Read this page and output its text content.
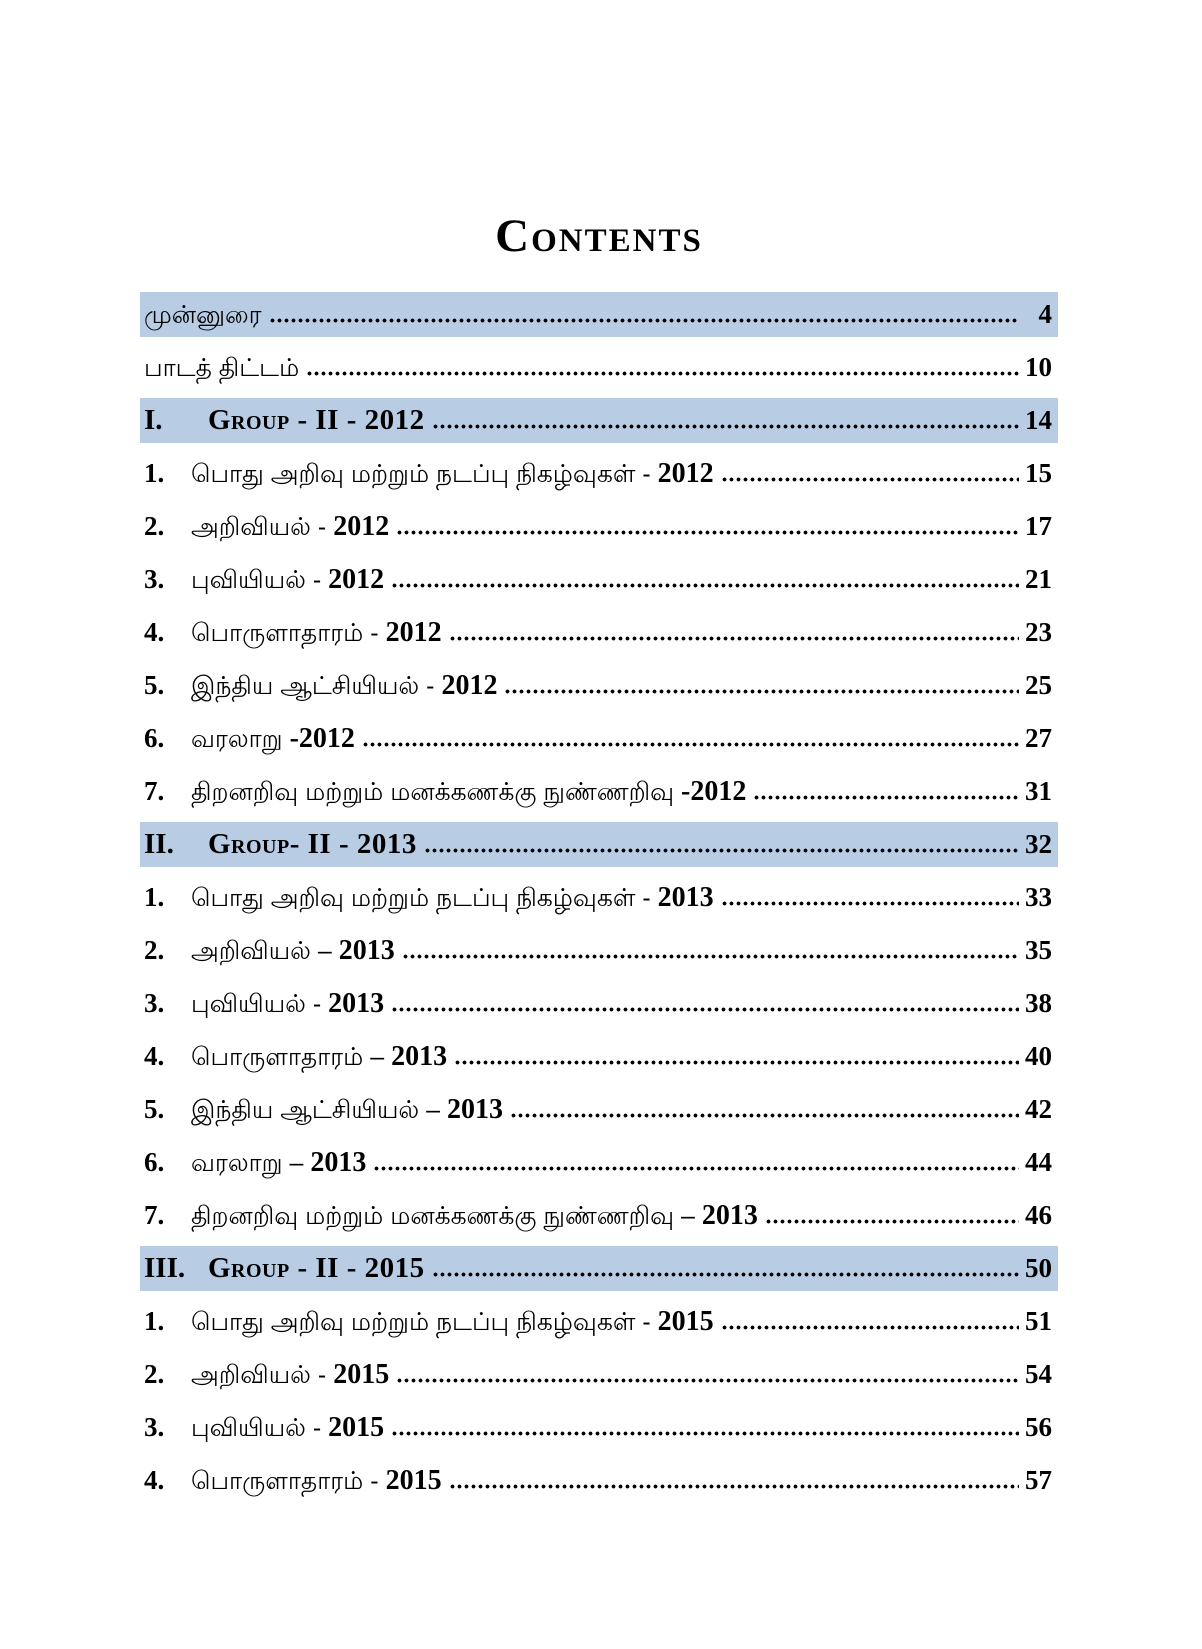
Contents
முன்னுரை	4
பாடத் திட்டம்	10
I.	Group - II - 2012	14
1.	பொது அறிவு மற்றும் நடப்பு நிகழ்வுகள் - 2012	15
2.	அறிவியல் - 2012	17
3.	புவியியல் - 2012	21
4.	பொருளாதாரம் - 2012	23
5.	இந்திய ஆட்சியியல் - 2012	25
6.	வரலாறு -2012	27
7.	திறனறிவு மற்றும் மனக்கணக்கு நுண்ணறிவு -2012	31
II.	Group- II - 2013	32
1.	பொது அறிவு மற்றும் நடப்பு நிகழ்வுகள் - 2013	33
2.	அறிவியல் – 2013	35
3.	புவியியல் - 2013	38
4.	பொருளாதாரம் – 2013	40
5.	இந்திய ஆட்சியியல் – 2013	42
6.	வரலாறு – 2013	44
7.	திறனறிவு மற்றும் மனக்கணக்கு நுண்ணறிவு – 2013	46
III. Group - II - 2015	50
1.	பொது அறிவு மற்றும் நடப்பு நிகழ்வுகள் - 2015	51
2.	அறிவியல் - 2015	54
3.	புவியியல் - 2015	56
4.	பொருளாதாரம் - 2015	57
